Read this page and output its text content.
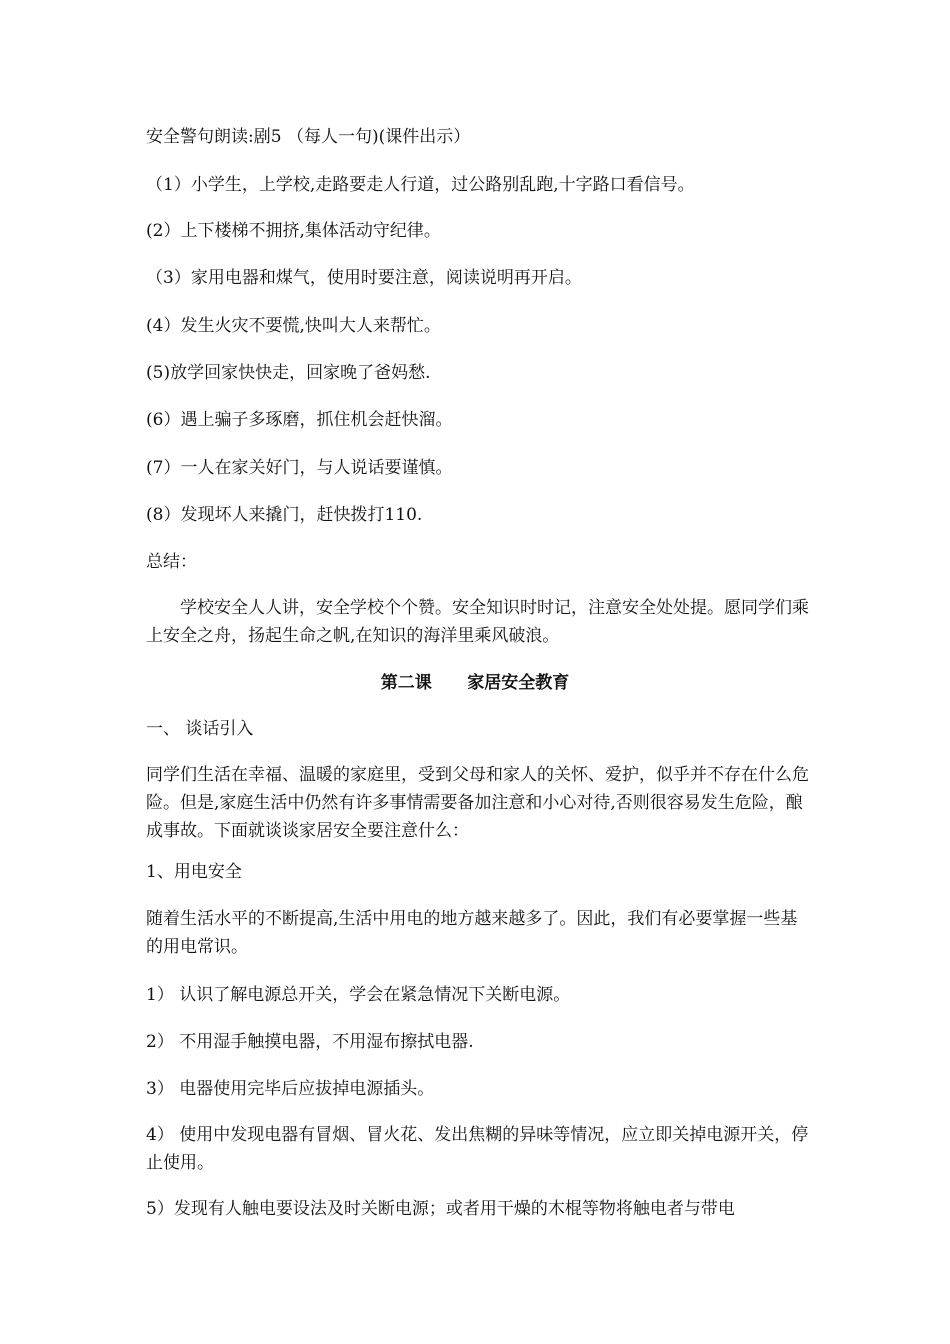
安全警句朗读:剧5 （每人一句)(课件出示）
（1）小学生，上学校,走路要走人行道，过公路别乱跑,十字路口看信号。
(2）上下楼梯不拥挤,集体活动守纪律。
（3）家用电器和煤气，使用时要注意，阅读说明再开启。
(4）发生火灾不要慌,快叫大人来帮忙。
(5)放学回家快快走，回家晚了爸妈愁.
(6）遇上骗子多琢磨，抓住机会赶快溜。
(7）一人在家关好门，与人说话要谨慎。
(8）发现坏人来撬门，赶快拨打110.
总结：
学校安全人人讲，安全学校个个赞。安全知识时时记，注意安全处处提。愿同学们乘上安全之舟，扬起生命之帆,在知识的海洋里乘风破浪。
第二课      家居安全教育
一、 谈话引入
同学们生活在幸福、温暖的家庭里，受到父母和家人的关怀、爱护，似乎并不存在什么危险。但是,家庭生活中仍然有许多事情需要备加注意和小心对待,否则很容易发生危险，酿成事故。下面就谈谈家居安全要注意什么：
1、用电安全
随着生活水平的不断提高,生活中用电的地方越来越多了。因此，我们有必要掌握一些基的用电常识。
1） 认识了解电源总开关，学会在紧急情况下关断电源。
2） 不用湿手触摸电器，不用湿布擦拭电器.
3） 电器使用完毕后应拔掉电源插头。
4） 使用中发现电器有冒烟、冒火花、发出焦糊的异味等情况，应立即关掉电源开关，停止使用。
5）发现有人触电要设法及时关断电源；或者用干燥的木棍等物将触电者与带电
